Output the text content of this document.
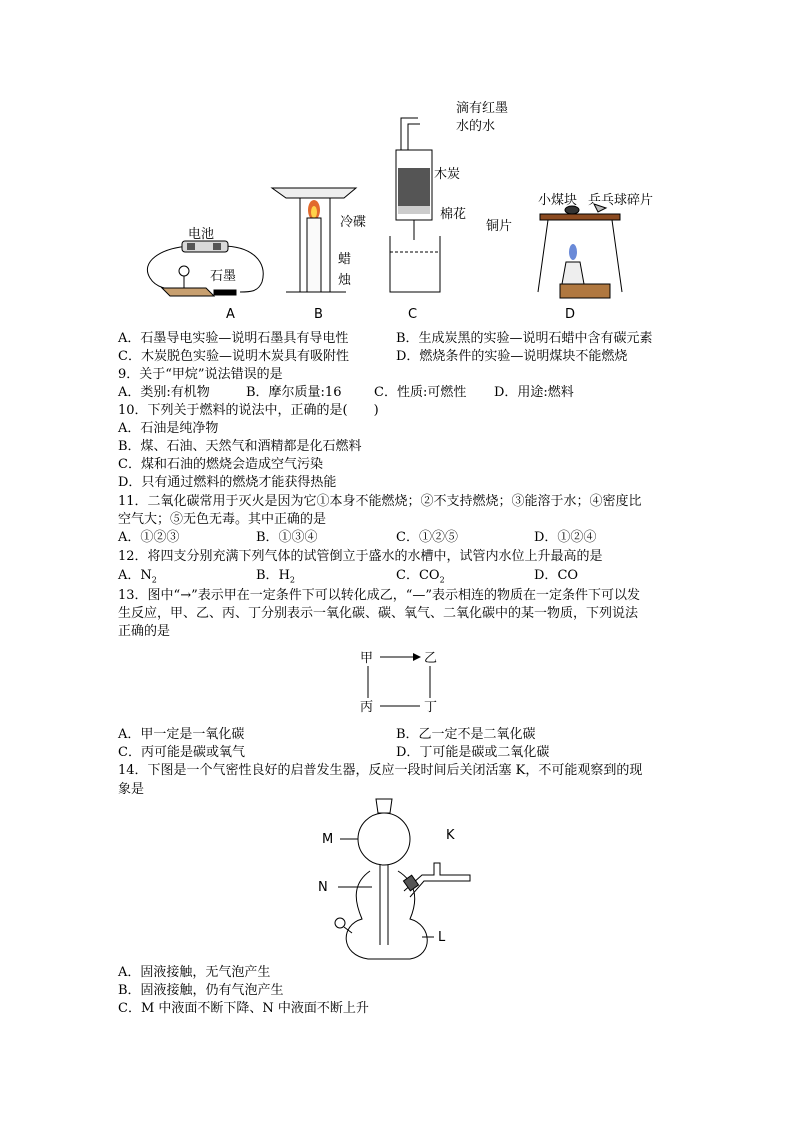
电池
石墨
A
冷碟
蜡
烛
B
滴有红墨
水的水
木炭
棉花
C
小煤块 乒乓球碎片
铜片
D
A．石墨导电实验—说明石墨具有导电性	B．生成炭黑的实验—说明石蜡中含有碳元素
C．木炭脱色实验—说明木炭具有吸附性	D．燃烧条件的实验—说明煤块不能燃烧
9．关于“甲烷”说法错误的是
A．类别:有机物	B．摩尔质量:16	C．性质:可燃性 D．用途:燃料
10．下列关于燃料的说法中，正确的是(　　)
A．石油是纯净物
B．煤、石油、天然气和酒精都是化石燃料
C．煤和石油的燃烧会造成空气污染
D．只有通过燃料的燃烧才能获得热能
11．二氧化碳常用于灭火是因为它①本身不能燃烧；②不支持燃烧；③能溶于水；④密度比
空气大；⑤无色无毒。其中正确的是
A．①②③	B．①③④	C．①②⑤	D．①②④
12．将四支分别充满下列气体的试管倒立于盛水的水槽中，试管内水位上升最高的是
A．$N_2$	B．$H_2$	C．$CO_2$	D．CO
13．图中“→”表示甲在一定条件下可以转化成乙，“—”表示相连的物质在一定条件下可以发
生反应，甲、乙、丙、丁分别表示一氧化碳、碳、氧气、二氧化碳中的某一物质，下列说法
正确的是
甲	乙
丙	丁
A．甲一定是一氧化碳	B．乙一定不是二氧化碳
C．丙可能是碳或氧气	D．丁可能是碳或二氧化碳
14．下图是一个气密性良好的启普发生器，反应一段时间后关闭活塞 K，不可能观察到的现
象是
M
N
K
L
A．固液接触，无气泡产生
B．固液接触，仍有气泡产生
C．M 中液面不断下降、N 中液面不断上升
